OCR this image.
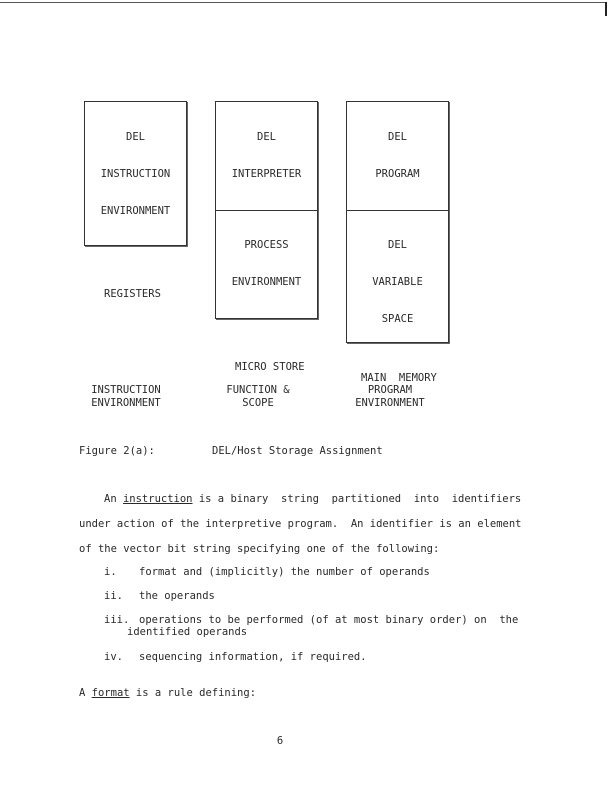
DEL
INSTRUCTION
ENVIRONMENT
DEL
INTERPRETER
PROCESS
ENVIRONMENT
DEL
PROGRAM
DEL
VARIABLE
SPACE
REGISTERS
MICRO STORE
MAIN  MEMORY
INSTRUCTION
ENVIRONMENT
FUNCTION &
SCOPE
PROGRAM
ENVIRONMENT
Figure 2(a):	DEL/Host Storage Assignment
An instruction is a binary  string  partitioned  into  identifiers
under action of the interpretive program.  An identifier is an element
of the vector bit string specifying one of the following:
i. format and (implicitly) the number of operands
ii. the operands
iii. operations to be performed (of at most binary order) on  the
identified operands
iv. sequencing information, if required.
A format is a rule defining:
6
